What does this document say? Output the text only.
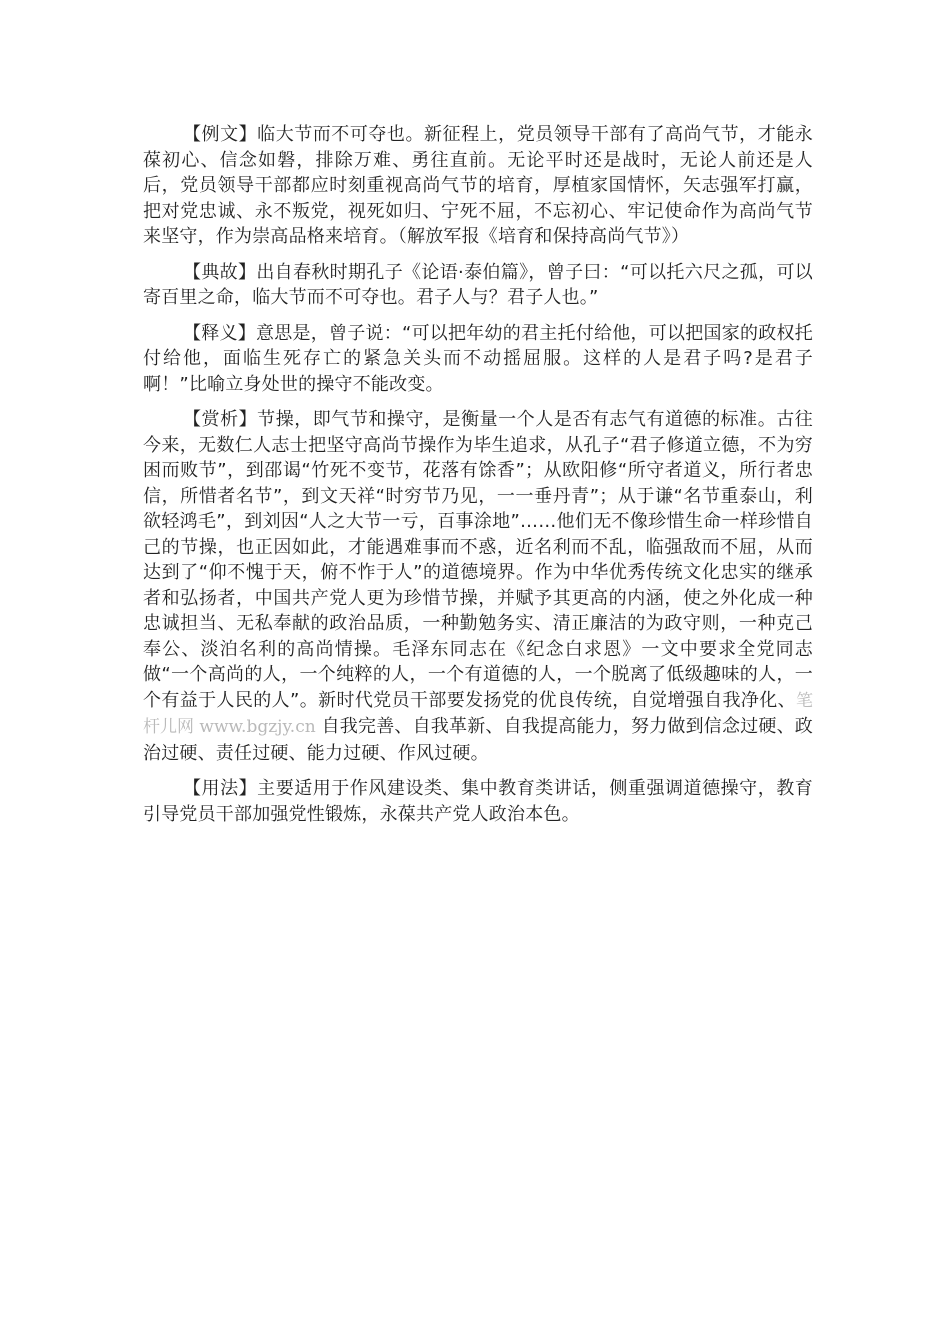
【例文】临大节而不可夺也。新征程上，党员领导干部有了高尚气节，才能永葆初心、信念如磐，排除万难、勇往直前。无论平时还是战时，无论人前还是人后，党员领导干部都应时刻重视高尚气节的培育，厚植家国情怀，矢志强军打赢，把对党忠诚、永不叛党，视死如归、宁死不屈，不忘初心、牢记使命作为高尚气节来坚守，作为崇高品格来培育。（解放军报《培育和保持高尚气节》）

【典故】出自春秋时期孔子《论语·泰伯篇》，曾子曰：“可以托六尺之孤，可以寄百里之命，临大节而不可夺也。君子人与？君子人也。”

【释义】意思是，曾子说：“可以把年幼的君主托付给他，可以把国家的政权托付给他，面临生死存亡的紧急关头而不动摇屈服。这样的人是君子吗?是君子啊！”比喻立身处世的操守不能改变。

【赏析】节操，即气节和操守，是衡量一个人是否有志气有道德的标准。古往今来，无数仁人志士把坚守高尚节操作为毕生追求，从孔子“君子修道立德，不为穷困而败节”，到邵谒“竹死不变节，花落有馀香”；从欧阳修“所守者道义，所行者忠信，所惜者名节”，到文天祥“时穷节乃见，一一垂丹青”；从于谦“名节重泰山，利欲轻鸿毛”，到刘因“人之大节一亏，百事涂地”……他们无不像珍惜生命一样珍惜自己的节操，也正因如此，才能遇难事而不惑，近名利而不乱，临强敌而不屈，从而达到了“仰不愧于天，俯不怍于人”的道德境界。作为中华优秀传统文化忠实的继承者和弘扬者，中国共产党人更为珍惜节操，并赋予其更高的内涵，使之外化成一种忠诚担当、无私奉献的政治品质，一种勤勉务实、清正廉洁的为政守则，一种克己奉公、淡泊名利的高尚情操。毛泽东同志在《纪念白求恩》一文中要求全党同志做“一个高尚的人，一个纯粹的人，一个有道德的人，一个脱离了低级趣味的人，一个有益于人民的人”。新时代党员干部要发扬党的优良传统，自觉增强自我净化、笔杆儿网 www.bgzjy.cn 自我完善、自我革新、自我提高能力，努力做到信念过硬、政治过硬、责任过硬、能力过硬、作风过硬。

【用法】主要适用于作风建设类、集中教育类讲话，侧重强调道德操守，教育引导党员干部加强党性锻炼，永葆共产党人政治本色。
